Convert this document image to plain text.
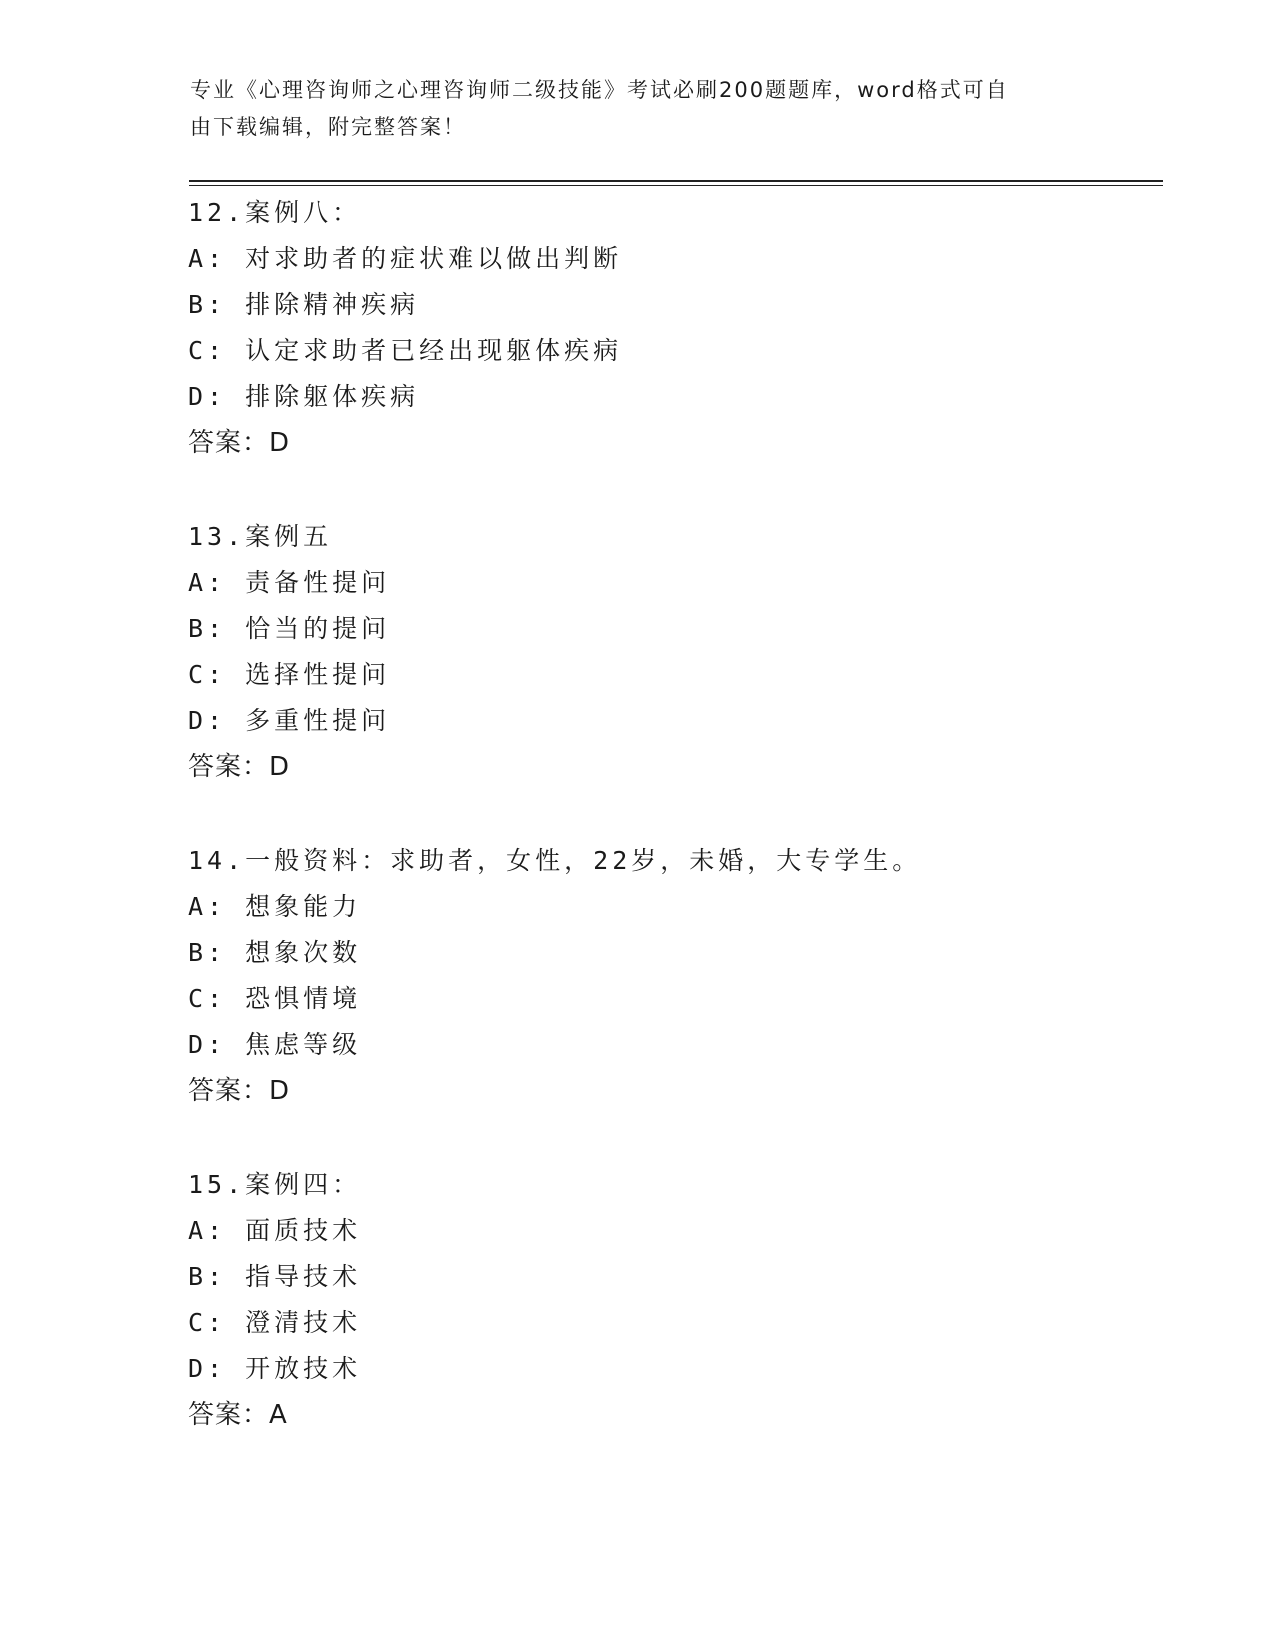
专业《心理咨询师之心理咨询师二级技能》考试必刷200题题库，word格式可自
由下载编辑，附完整答案！
12.案例八：
A: 对求助者的症状难以做出判断
B: 排除精神疾病
C: 认定求助者已经出现躯体疾病
D: 排除躯体疾病
答案：D
13.案例五
A: 责备性提问
B: 恰当的提问
C: 选择性提问
D: 多重性提问
答案：D
14.一般资料：求助者，女性，22岁，未婚，大专学生。
A: 想象能力
B: 想象次数
C: 恐惧情境
D: 焦虑等级
答案：D
15.案例四：
A: 面质技术
B: 指导技术
C: 澄清技术
D: 开放技术
答案：A
